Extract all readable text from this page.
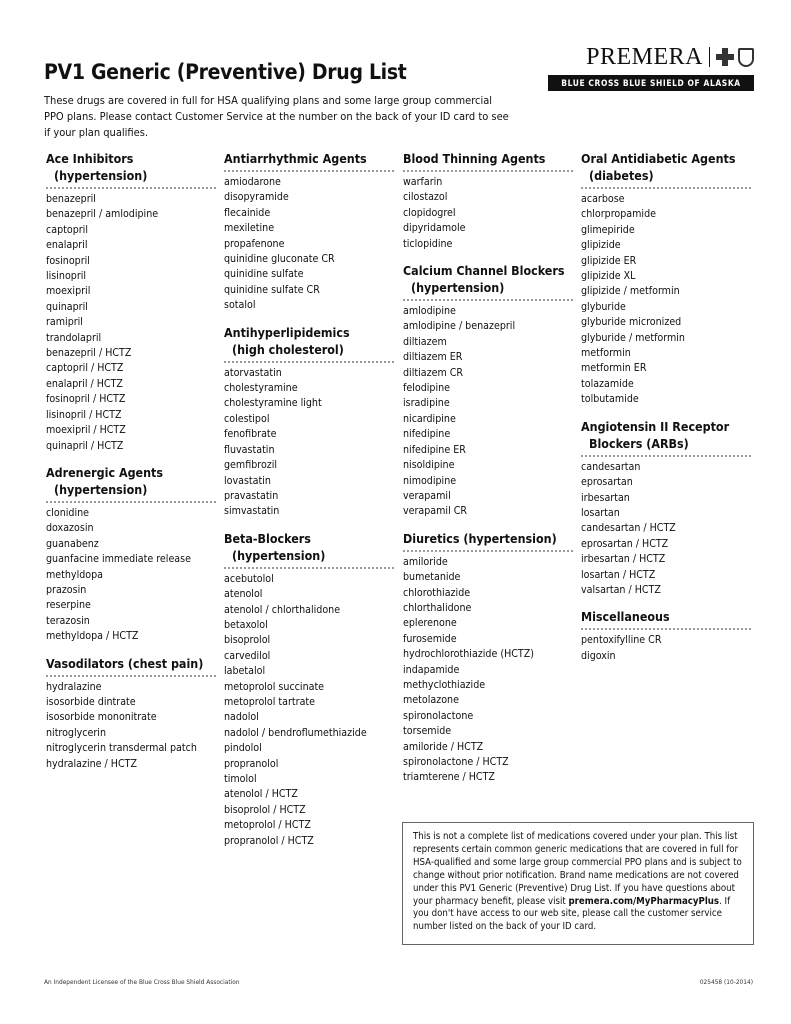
PV1 Generic (Preventive) Drug List
These drugs are covered in full for HSA qualifying plans and some large group commercial PPO plans. Please contact Customer Service at the number on the back of your ID card to see if your plan qualifies.
PREMERA
BLUE CROSS BLUE SHIELD OF ALASKA
Ace Inhibitors
(hypertension)
benazepril
benazepril / amlodipine
captopril
enalapril
fosinopril
lisinopril
moexipril
quinapril
ramipril
trandolapril
benazepril / HCTZ
captopril / HCTZ
enalapril / HCTZ
fosinopril / HCTZ
lisinopril / HCTZ
moexipril / HCTZ
quinapril / HCTZ
Adrenergic Agents
(hypertension)
clonidine
doxazosin
guanabenz
guanfacine immediate release
methyldopa
prazosin
reserpine
terazosin
methyldopa / HCTZ
Vasodilators (chest pain)
hydralazine
isosorbide dintrate
isosorbide mononitrate
nitroglycerin
nitroglycerin transdermal patch
hydralazine / HCTZ
Antiarrhythmic Agents
amiodarone
disopyramide
flecainide
mexiletine
propafenone
quinidine gluconate CR
quinidine sulfate
quinidine sulfate CR
sotalol
Antihyperlipidemics
(high cholesterol)
atorvastatin
cholestyramine
cholestyramine light
colestipol
fenofibrate
fluvastatin
gemfibrozil
lovastatin
pravastatin
simvastatin
Beta-Blockers
(hypertension)
acebutolol
atenolol
atenolol / chlorthalidone
betaxolol
bisoprolol
carvedilol
labetalol
metoprolol succinate
metoprolol tartrate
nadolol
nadolol / bendroflumethiazide
pindolol
propranolol
timolol
atenolol / HCTZ
bisoprolol / HCTZ
metoprolol / HCTZ
propranolol / HCTZ
Blood Thinning Agents
warfarin
cilostazol
clopidogrel
dipyridamole
ticlopidine
Calcium Channel Blockers
(hypertension)
amlodipine
amlodipine / benazepril
diltiazem
diltiazem ER
diltiazem CR
felodipine
isradipine
nicardipine
nifedipine
nifedipine ER
nisoldipine
nimodipine
verapamil
verapamil CR
Diuretics (hypertension)
amiloride
bumetanide
chlorothiazide
chlorthalidone
eplerenone
furosemide
hydrochlorothiazide (HCTZ)
indapamide
methyclothiazide
metolazone
spironolactone
torsemide
amiloride / HCTZ
spironolactone / HCTZ
triamterene / HCTZ
Oral Antidiabetic Agents
(diabetes)
acarbose
chlorpropamide
glimepiride
glipizide
glipizide ER
glipizide XL
glipizide / metformin
glyburide
glyburide micronized
glyburide / metformin
metformin
metformin ER
tolazamide
tolbutamide
Angiotensin II Receptor
Blockers (ARBs)
candesartan
eprosartan
irbesartan
losartan
candesartan / HCTZ
eprosartan / HCTZ
irbesartan / HCTZ
losartan / HCTZ
valsartan / HCTZ
Miscellaneous
pentoxifylline CR
digoxin
This is not a complete list of medications covered under your plan. This list represents certain common generic medications that are covered in full for HSA-qualified and some large group commercial PPO plans and is subject to change without prior notification. Brand name medications are not covered under this PV1 Generic (Preventive) Drug List. If you have questions about your pharmacy benefit, please visit premera.com/MyPharmacyPlus. If you don't have access to our web site, please call the customer service number listed on the back of your ID card.
An Independent Licensee of the Blue Cross Blue Shield Association	025458 (10-2014)
